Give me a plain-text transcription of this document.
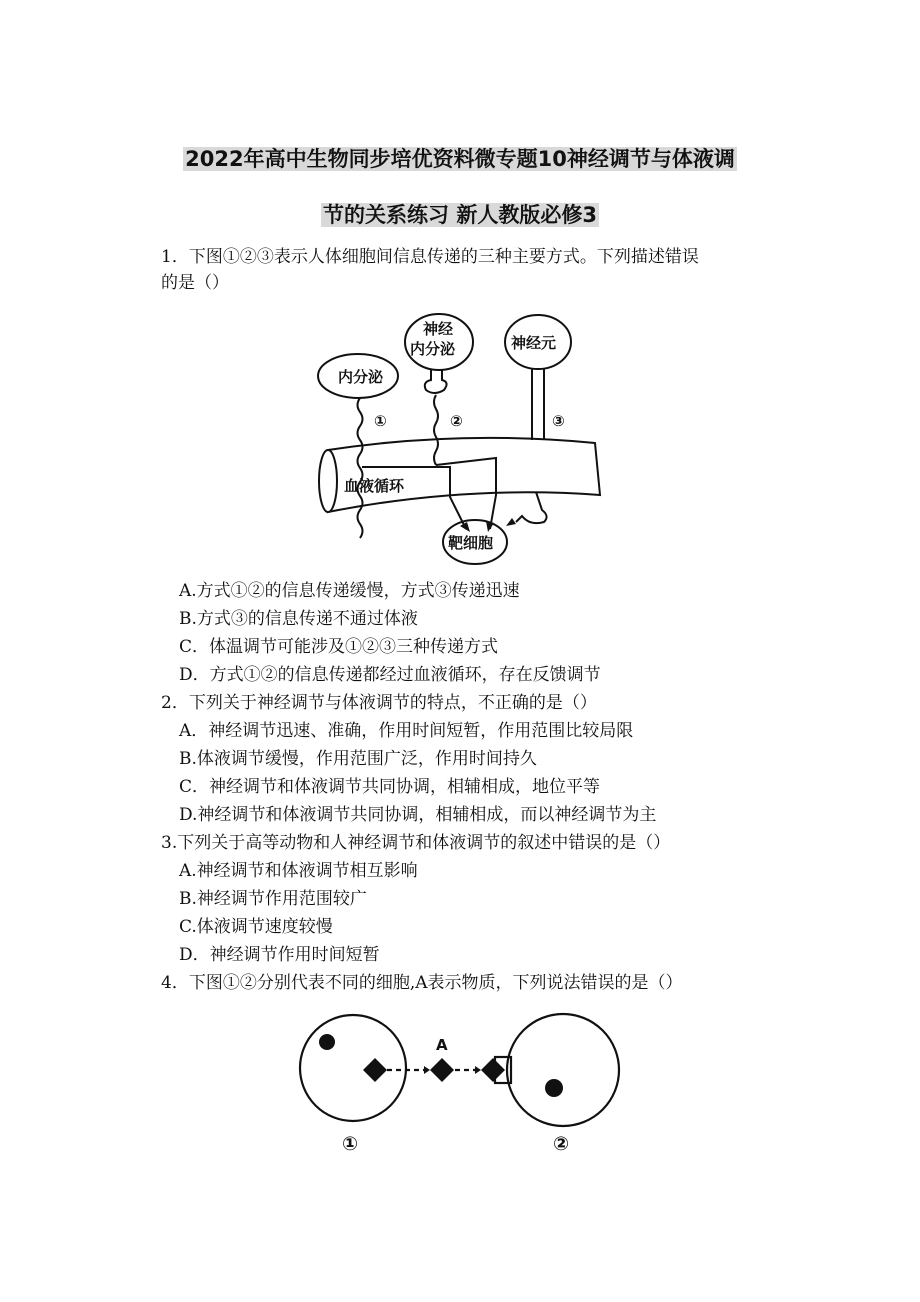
2022年高中生物同步培优资料微专题10神经调节与体液调
节的关系练习 新人教版必修3
1．下图①②③表示人体细胞间信息传递的三种主要方式。下列描述错误
的是（）
内分泌
神经
内分泌	神经元
血液循环
靶细胞
①	②	③
A.方式①②的信息传递缓慢，方式③传递迅速
B.方式③的信息传递不通过体液
C．体温调节可能涉及①②③三种传递方式
D．方式①②的信息传递都经过血液循环，存在反馈调节
2．下列关于神经调节与体液调节的特点，不正确的是（）
A．神经调节迅速、准确，作用时间短暂，作用范围比较局限
B.体液调节缓慢，作用范围广泛，作用时间持久
C．神经调节和体液调节共同协调，相辅相成，地位平等
D.神经调节和体液调节共同协调，相辅相成，而以神经调节为主
3.下列关于高等动物和人神经调节和体液调节的叙述中错误的是（）
A.神经调节和体液调节相互影响
B.神经调节作用范围较广
C.体液调节速度较慢
D．神经调节作用时间短暂
4．下图①②分别代表不同的细胞,A表示物质，下列说法错误的是（）
A
①	②
